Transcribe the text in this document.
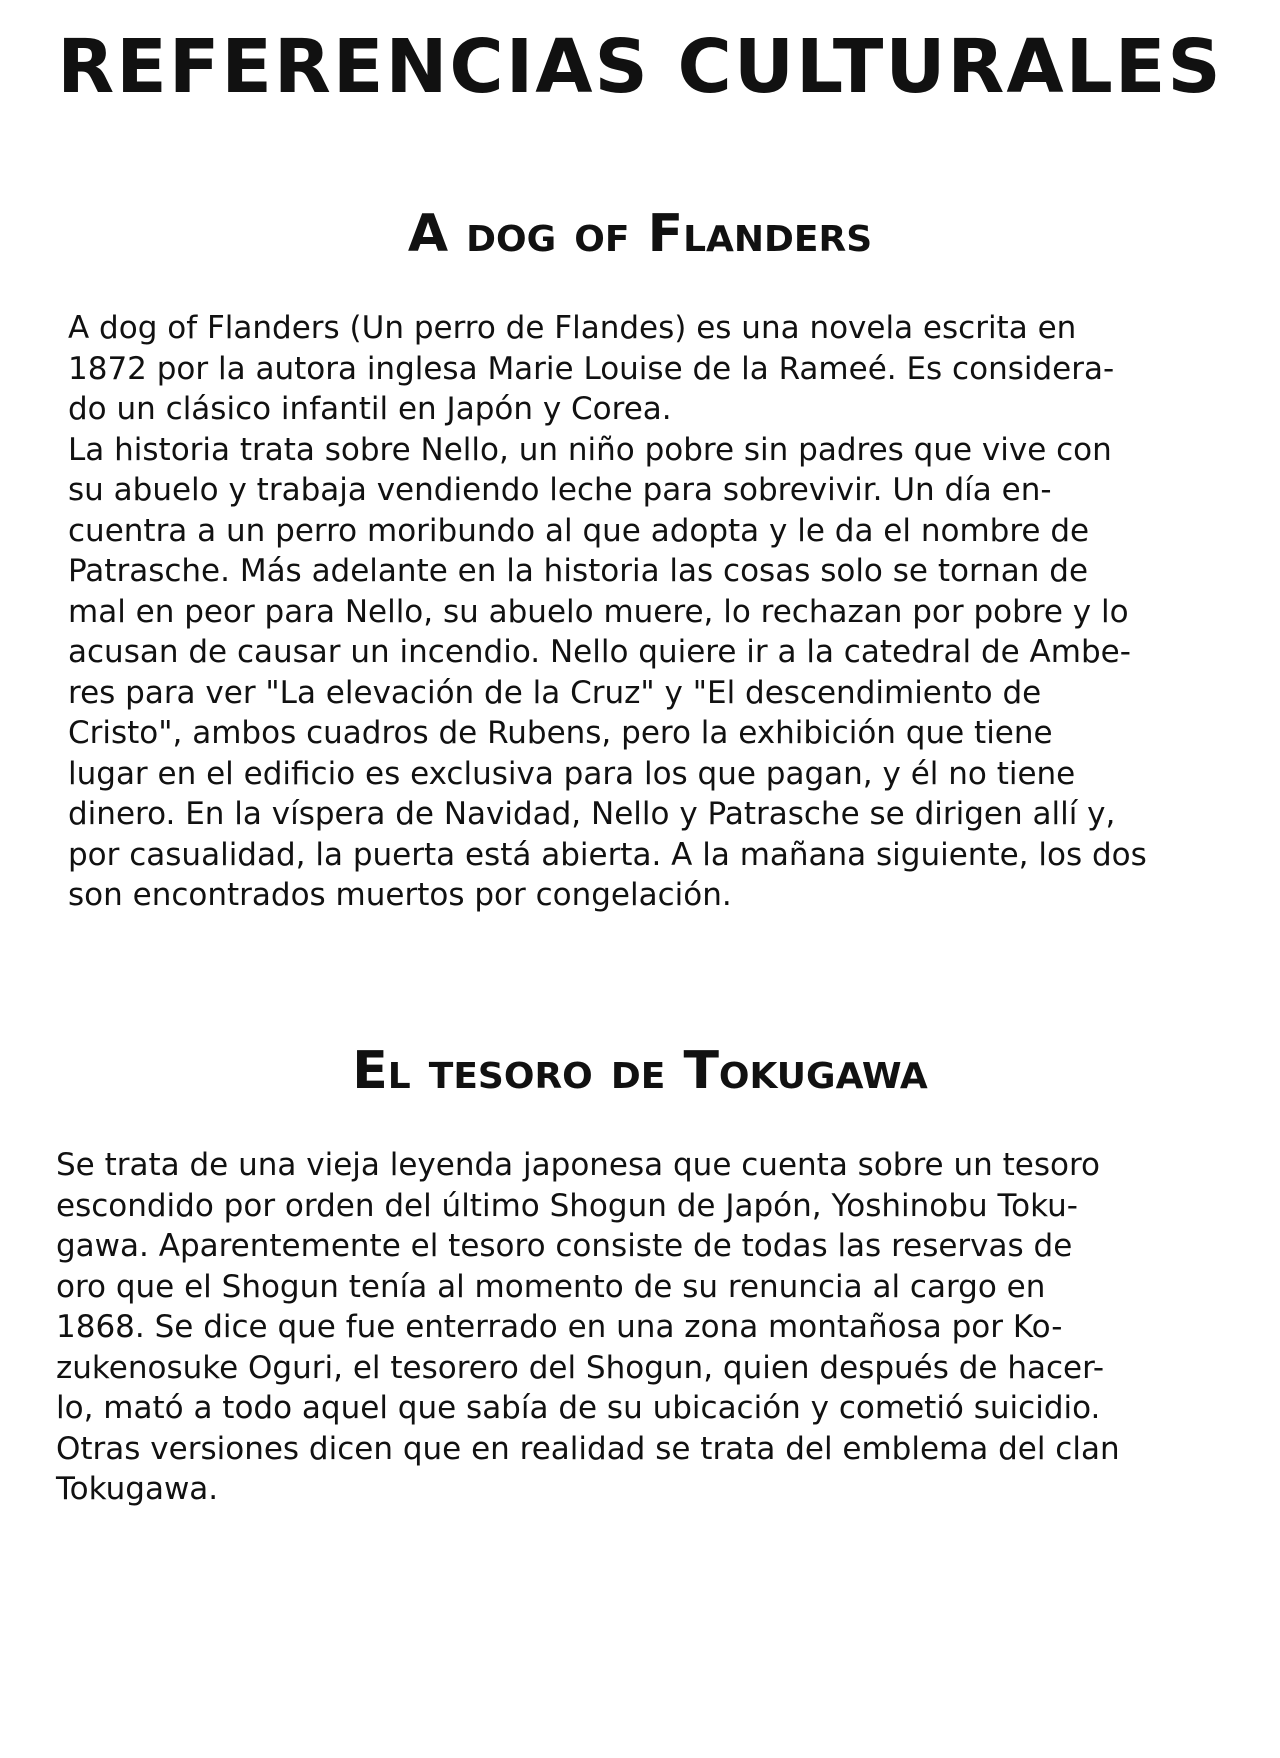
REFERENCIAS CULTURALES
A dog of Flanders

A dog of Flanders (Un perro de Flandes) es una novela escrita en
1872 por la autora inglesa Marie Louise de la Rameé. Es considera-
do un clásico infantil en Japón y Corea.
La historia trata sobre Nello, un niño pobre sin padres que vive con
su abuelo y trabaja vendiendo leche para sobrevivir. Un día en-
cuentra a un perro moribundo al que adopta y le da el nombre de
Patrasche. Más adelante en la historia las cosas solo se tornan de
mal en peor para Nello, su abuelo muere, lo rechazan por pobre y lo
acusan de causar un incendio. Nello quiere ir a la catedral de Ambe-
res para ver "La elevación de la Cruz" y "El descendimiento de
Cristo", ambos cuadros de Rubens, pero la exhibición que tiene
lugar en el edificio es exclusiva para los que pagan, y él no tiene
dinero. En la víspera de Navidad, Nello y Patrasche se dirigen allí y,
por casualidad, la puerta está abierta. A la mañana siguiente, los dos
son encontrados muertos por congelación.

El tesoro de Tokugawa

Se trata de una vieja leyenda japonesa que cuenta sobre un tesoro
escondido por orden del último Shogun de Japón, Yoshinobu Toku-
gawa. Aparentemente el tesoro consiste de todas las reservas de
oro que el Shogun tenía al momento de su renuncia al cargo en
1868. Se dice que fue enterrado en una zona montañosa por Ko-
zukenosuke Oguri, el tesorero del Shogun, quien después de hacer-
lo, mató a todo aquel que sabía de su ubicación y cometió suicidio.
Otras versiones dicen que en realidad se trata del emblema del clan
Tokugawa.
